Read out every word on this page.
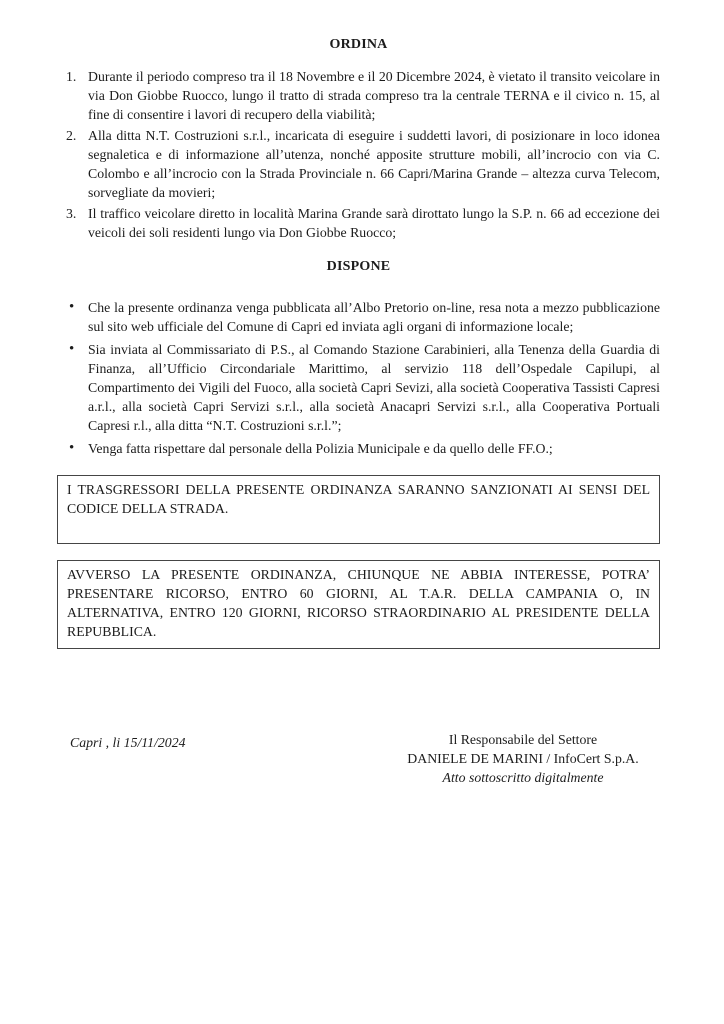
ORDINA
1. Durante il periodo compreso tra il 18 Novembre e il 20 Dicembre 2024, è vietato il transito veicolare in via Don Giobbe Ruocco, lungo il tratto di strada compreso tra la centrale TERNA e il civico n. 15, al fine di consentire i lavori di recupero della viabilità;
2. Alla ditta N.T. Costruzioni s.r.l., incaricata di eseguire i suddetti lavori, di posizionare in loco idonea segnaletica e di informazione all’utenza, nonché apposite strutture mobili, all’incrocio con via C. Colombo e all’incrocio con la Strada Provinciale n. 66 Capri/Marina Grande – altezza curva Telecom, sorvegliate da movieri;
3. Il traffico veicolare diretto in località Marina Grande sarà dirottato lungo la S.P. n. 66 ad eccezione dei veicoli dei soli residenti lungo via Don Giobbe Ruocco;
DISPONE
• Che la presente ordinanza venga pubblicata all’Albo Pretorio on-line, resa nota a mezzo pubblicazione sul sito web ufficiale del Comune di Capri ed inviata agli organi di informazione locale;
• Sia inviata al Commissariato di P.S., al Comando Stazione Carabinieri, alla Tenenza della Guardia di Finanza, all’Ufficio Circondariale Marittimo, al servizio 118 dell’Ospedale Capilupi, al Compartimento dei Vigili del Fuoco, alla società Capri Sevizi, alla società Cooperativa Tassisti Capresi a.r.l., alla società Capri Servizi s.r.l., alla società Anacapri Servizi s.r.l., alla Cooperativa Portuali Capresi r.l., alla ditta “N.T. Costruzioni s.r.l.”;
• Venga fatta rispettare dal personale della Polizia Municipale e da quello delle FF.O.;
I TRASGRESSORI DELLA PRESENTE ORDINANZA SARANNO SANZIONATI AI SENSI DEL CODICE DELLA STRADA.
AVVERSO LA PRESENTE ORDINANZA, CHIUNQUE NE ABBIA INTERESSE, POTRA’ PRESENTARE RICORSO, ENTRO 60 GIORNI, AL T.A.R. DELLA CAMPANIA O, IN ALTERNATIVA, ENTRO 120 GIORNI, RICORSO STRAORDINARIO AL PRESIDENTE DELLA REPUBBLICA.
Capri , li 15/11/2024	Il Responsabile del Settore
DANIELE DE MARINI / InfoCert S.p.A.
Atto sottoscritto digitalmente
